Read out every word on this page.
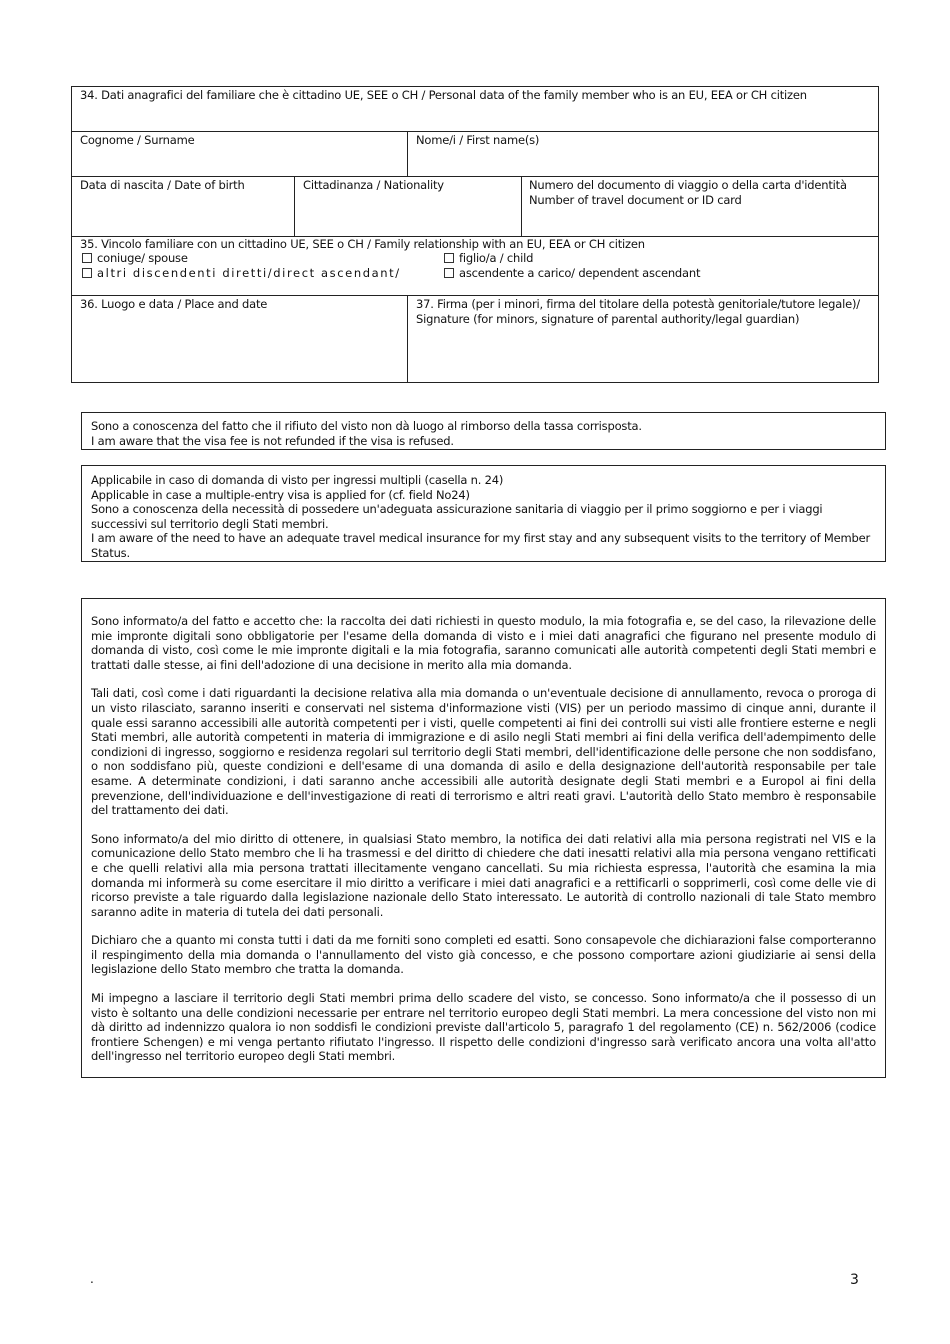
34. Dati anagrafici del familiare che è cittadino UE, SEE o CH / Personal data of the family member who is an EU, EEA or CH citizen
Cognome / Surname	Nome/i / First name(s)
Data di nascita / Date of birth	Cittadinanza / Nationality	Numero del documento di viaggio o della carta d'identità
Number of travel document or ID card
35. Vincolo familiare con un cittadino UE, SEE o CH / Family relationship with an EU, EEA or CH citizen
coniuge/ spouse	figlio/a / child
altri discendenti diretti/direct ascendant/	ascendente a carico/ dependent ascendant
36. Luogo e data / Place and date	37. Firma (per i minori, firma del titolare della potestà genitoriale/tutore legale)/
Signature (for minors, signature of parental authority/legal guardian)
Sono a conoscenza del fatto che il rifiuto del visto non dà luogo al rimborso della tassa corrisposta.
I am aware that the visa fee is not refunded if the visa is refused.
Applicabile in caso di domanda di visto per ingressi multipli (casella n. 24)
Applicable in case a multiple-entry visa is applied for (cf. field No24)
Sono a conoscenza della necessità di possedere un'adeguata assicurazione sanitaria di viaggio per il primo soggiorno e per i viaggi successivi sul territorio degli Stati membri.
I am aware of the need to have an adequate travel medical insurance for my first stay and any subsequent visits to the territory of Member Status.

Sono informato/a del fatto e accetto che: la raccolta dei dati richiesti in questo modulo, la mia fotografia e, se del caso, la rilevazione delle mie impronte digitali sono obbligatorie per l'esame della domanda di visto e i miei dati anagrafici che figurano nel presente modulo di domanda di visto, così come le mie impronte digitali e la mia fotografia, saranno comunicati alle autorità competenti degli Stati membri e trattati dalle stesse, ai fini dell'adozione di una decisione in merito alla mia domanda.

Tali dati, così come i dati riguardanti la decisione relativa alla mia domanda o un'eventuale decisione di annullamento, revoca o proroga di un visto rilasciato, saranno inseriti e conservati nel sistema d'informazione visti (VIS) per un periodo massimo di cinque anni, durante il quale essi saranno accessibili alle autorità competenti per i visti, quelle competenti ai fini dei controlli sui visti alle frontiere esterne e negli Stati membri, alle autorità competenti in materia di immigrazione e di asilo negli Stati membri ai fini della verifica dell'adempimento delle condizioni di ingresso, soggiorno e residenza regolari sul territorio degli Stati membri, dell'identificazione delle persone che non soddisfano, o non soddisfano più, queste condizioni e dell'esame di una domanda di asilo e della designazione dell'autorità responsabile per tale esame. A determinate condizioni, i dati saranno anche accessibili alle autorità designate degli Stati membri e a Europol ai fini della prevenzione, dell'individuazione e dell'investigazione di reati di terrorismo e altri reati gravi. L'autorità dello Stato membro è responsabile del trattamento dei dati.

Sono informato/a del mio diritto di ottenere, in qualsiasi Stato membro, la notifica dei dati relativi alla mia persona registrati nel VIS e la comunicazione dello Stato membro che li ha trasmessi e del diritto di chiedere che dati inesatti relativi alla mia persona vengano rettificati e che quelli relativi alla mia persona trattati illecitamente vengano cancellati. Su mia richiesta espressa, l'autorità che esamina la mia domanda mi informerà su come esercitare il mio diritto a verificare i miei dati anagrafici e a rettificarli o sopprimerli, così come delle vie di ricorso previste a tale riguardo dalla legislazione nazionale dello Stato interessato. Le autorità di controllo nazionali di tale Stato membro saranno adite in materia di tutela dei dati personali.

Dichiaro che a quanto mi consta tutti i dati da me forniti sono completi ed esatti. Sono consapevole che dichiarazioni false comporteranno il respingimento della mia domanda o l'annullamento del visto già concesso, e che possono comportare azioni giudiziarie ai sensi della legislazione dello Stato membro che tratta la domanda.

Mi impegno a lasciare il territorio degli Stati membri prima dello scadere del visto, se concesso. Sono informato/a che il possesso di un visto è soltanto una delle condizioni necessarie per entrare nel territorio europeo degli Stati membri. La mera concessione del visto non mi dà diritto ad indennizzo qualora io non soddisfi le condizioni previste dall'articolo 5, paragrafo 1 del regolamento (CE) n. 562/2006 (codice frontiere Schengen) e mi venga pertanto rifiutato l'ingresso. Il rispetto delle condizioni d'ingresso sarà verificato ancora una volta all'atto dell'ingresso nel territorio europeo degli Stati membri.

.	3
